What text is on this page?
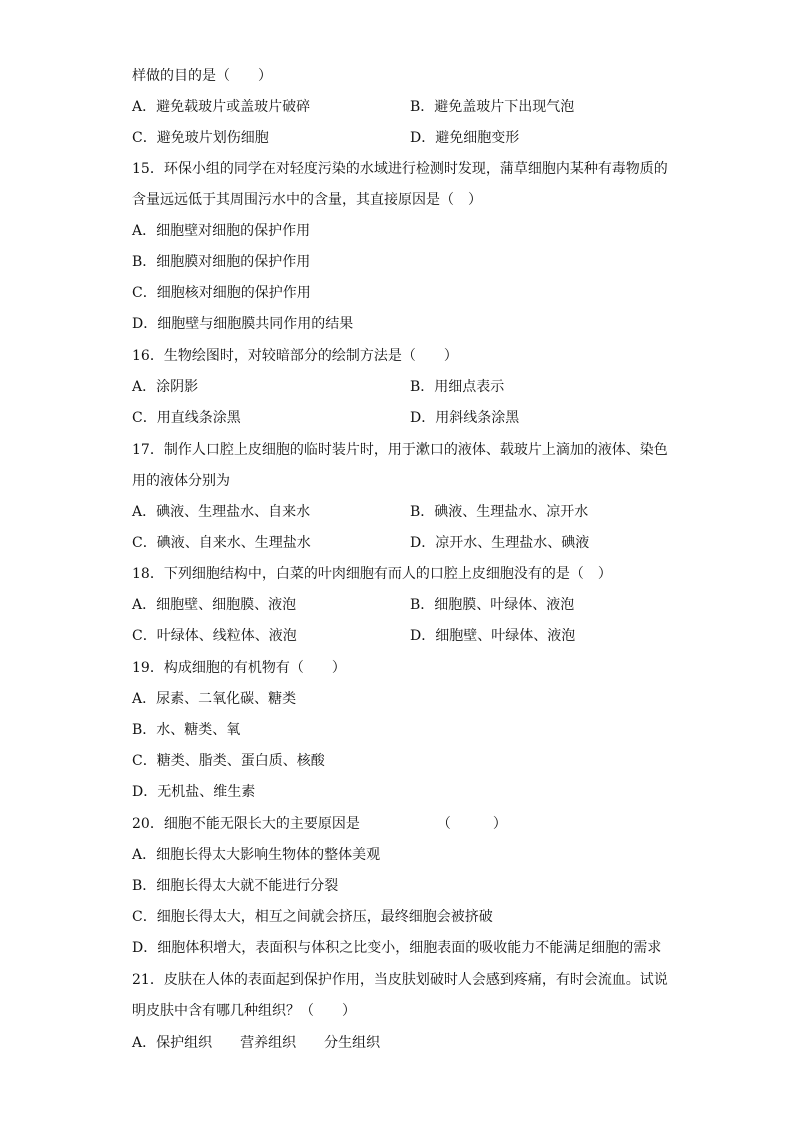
样做的目的是（　　）
A．避免载玻片或盖玻片破碎	B．避免盖玻片下出现气泡
C．避免玻片划伤细胞	D．避免细胞变形
15．环保小组的同学在对轻度污染的水域进行检测时发现，蒲草细胞内某种有毒物质的
含量远远低于其周围污水中的含量，其直接原因是（　）
A．细胞壁对细胞的保护作用
B．细胞膜对细胞的保护作用
C．细胞核对细胞的保护作用
D．细胞壁与细胞膜共同作用的结果
16．生物绘图时，对较暗部分的绘制方法是（　　）
A．涂阴影	B．用细点表示
C．用直线条涂黑	D．用斜线条涂黑
17．制作人口腔上皮细胞的临时装片时，用于漱口的液体、载玻片上滴加的液体、染色
用的液体分别为
A．碘液、生理盐水、自来水	B．碘液、生理盐水、凉开水
C．碘液、自来水、生理盐水	D．凉开水、生理盐水、碘液
18．下列细胞结构中，白菜的叶肉细胞有而人的口腔上皮细胞没有的是（　）
A．细胞壁、细胞膜、液泡	B．细胞膜、叶绿体、液泡
C．叶绿体、线粒体、液泡	D．细胞壁、叶绿体、液泡
19．构成细胞的有机物有（　　）
A．尿素、二氧化碳、糖类
B．水、糖类、氧
C．糖类、脂类、蛋白质、核酸
D．无机盐、维生素
20．细胞不能无限长大的主要原因是　　　　　　（　　　）
A．细胞长得太大影响生物体的整体美观
B．细胞长得太大就不能进行分裂
C．细胞长得太大，相互之间就会挤压，最终细胞会被挤破
D．细胞体积增大，表面积与体积之比变小，细胞表面的吸收能力不能满足细胞的需求
21．皮肤在人体的表面起到保护作用，当皮肤划破时人会感到疼痛，有时会流血。试说
明皮肤中含有哪几种组织？（　　）
A．保护组织　　营养组织　　分生组织
